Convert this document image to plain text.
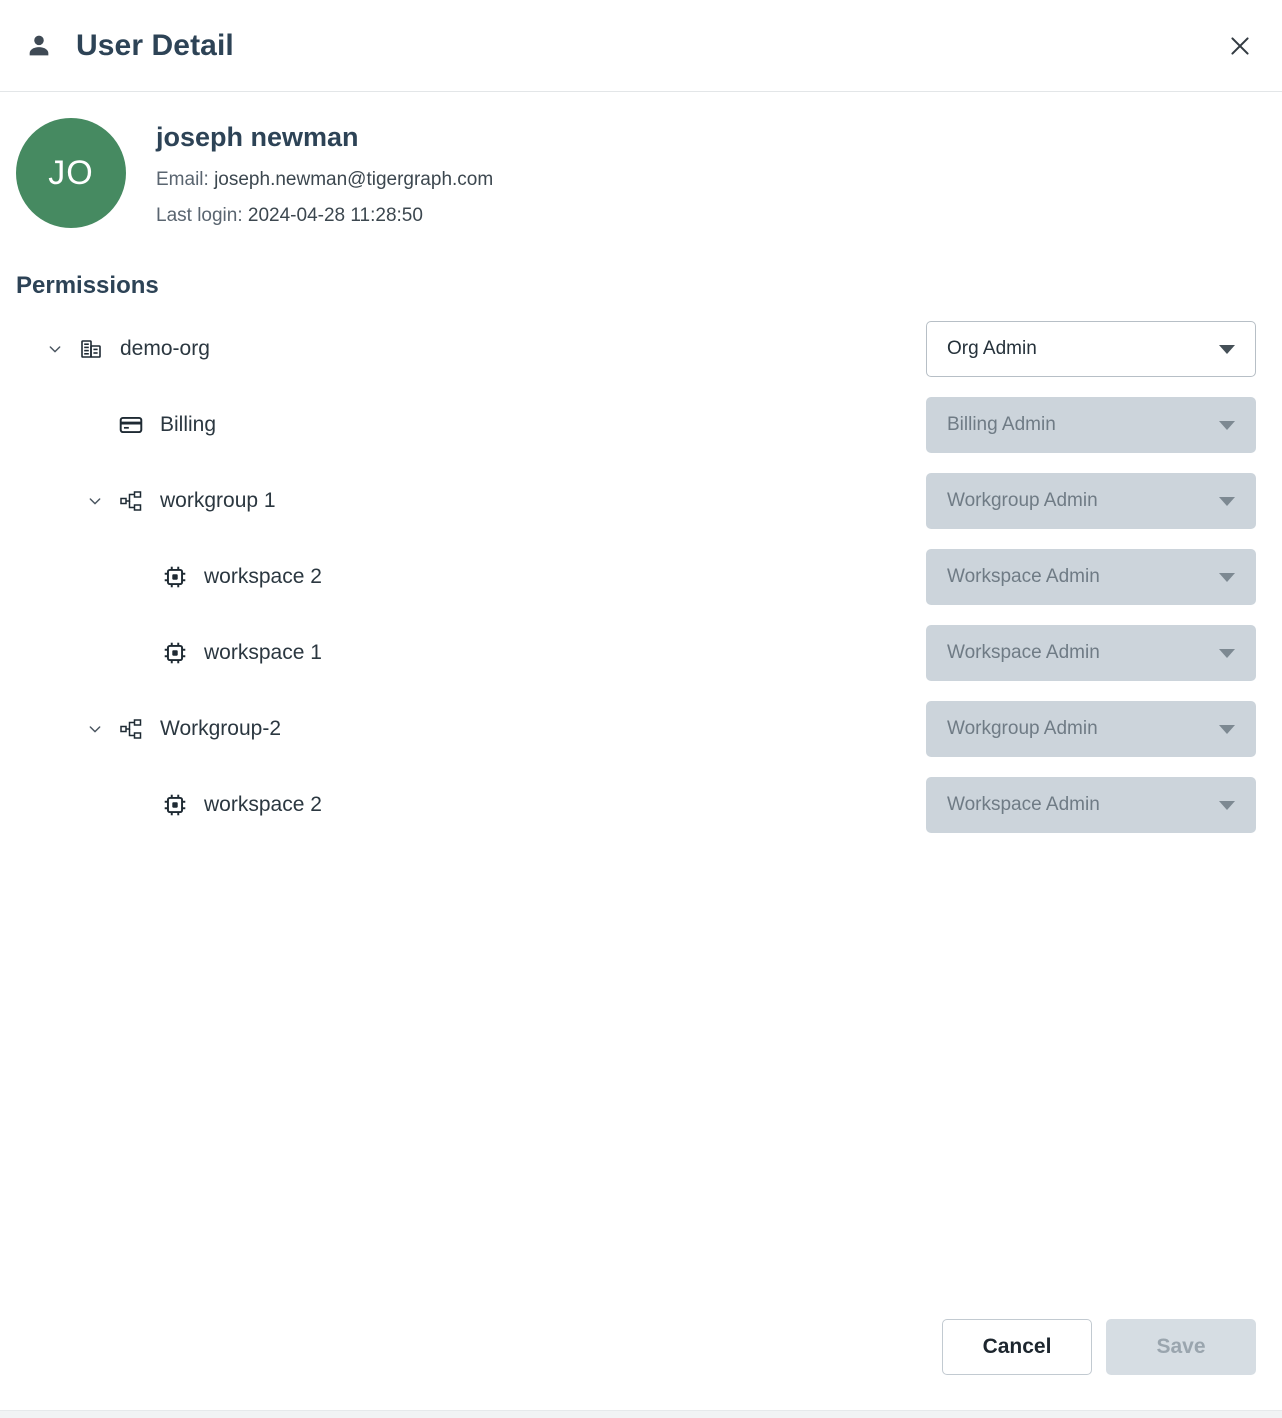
User Detail
JO
joseph newman
Email: joseph.newman@tigergraph.com
Last login: 2024-04-28 11:28:50
Permissions
demo-org	Org Admin
Billing	Billing Admin
workgroup 1	Workgroup Admin
workspace 2	Workspace Admin
workspace 1	Workspace Admin
Workgroup-2	Workgroup Admin
workspace 2	Workspace Admin
Cancel	Save
